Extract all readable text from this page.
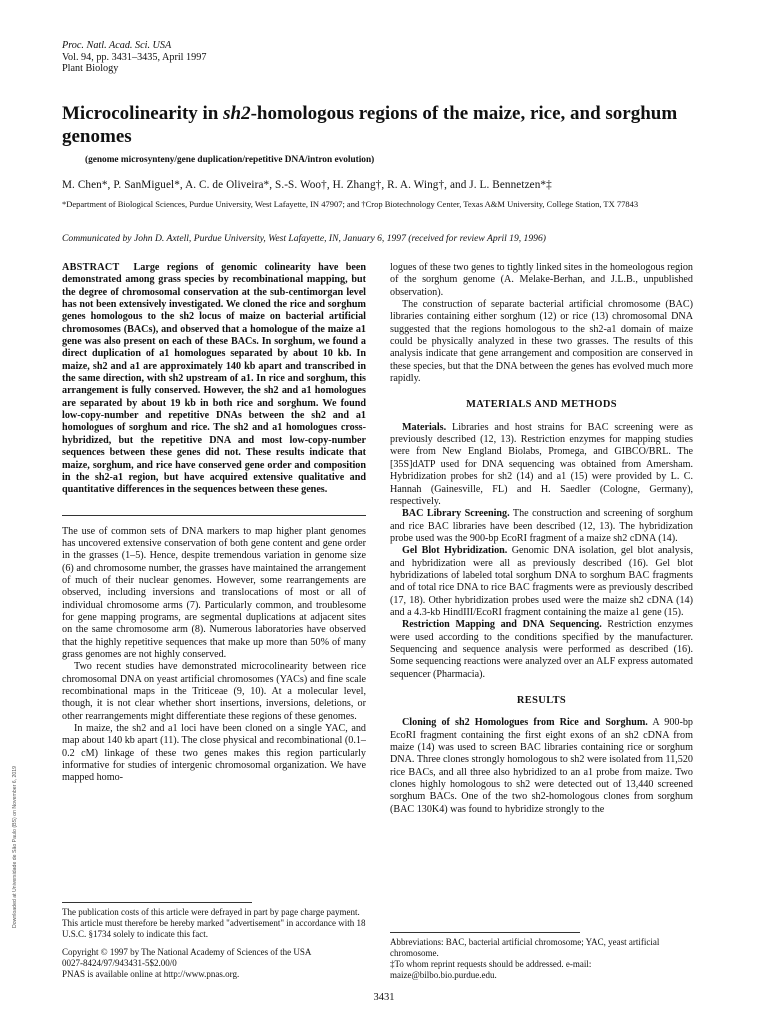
Proc. Natl. Acad. Sci. USA
Vol. 94, pp. 3431–3435, April 1997
Plant Biology
Microcolinearity in sh2-homologous regions of the maize, rice, and sorghum genomes
(genome microsynteny/gene duplication/repetitive DNA/intron evolution)
M. Chen*, P. SanMiguel*, A. C. de Oliveira*, S.-S. Woo†, H. Zhang†, R. A. Wing†, and J. L. Bennetzen*‡
*Department of Biological Sciences, Purdue University, West Lafayette, IN 47907; and †Crop Biotechnology Center, Texas A&M University, College Station, TX 77843
Communicated by John D. Axtell, Purdue University, West Lafayette, IN, January 6, 1997 (received for review April 19, 1996)

ABSTRACT Large regions of genomic colinearity have been demonstrated among grass species by recombinational mapping, but the degree of chromosomal conservation at the sub-centimorgan level has not been extensively investigated. We cloned the rice and sorghum genes homologous to the sh2 locus of maize on bacterial artificial chromosomes (BACs), and observed that a homologue of the maize a1 gene was also present on each of these BACs. In sorghum, we found a direct duplication of a1 homologues separated by about 10 kb. In maize, sh2 and a1 are approximately 140 kb apart and transcribed in the same direction, with sh2 upstream of a1. In rice and sorghum, this arrangement is fully conserved. However, the sh2 and a1 homologues are separated by about 19 kb in both rice and sorghum. We found low-copy-number and repetitive DNAs between the sh2 and a1 homologues of sorghum and rice. The sh2 and a1 homologues cross-hybridized, but the repetitive DNA and most low-copy-number sequences between these genes did not. These results indicate that maize, sorghum, and rice have conserved gene order and composition in the sh2-a1 region, but have acquired extensive qualitative and quantitative differences in the sequences between these genes.

The use of common sets of DNA markers to map higher plant genomes has uncovered extensive conservation of both gene content and gene order in the grasses (1–5). Hence, despite tremendous variation in genome size (6) and chromosome number, the grasses have maintained the arrangement of much of their nuclear genomes. However, some rearrangements are observed, including inversions and translocations of most or all of individual chromosome arms (7). Particularly common, and troublesome for gene mapping programs, are segmental duplications at adjacent sites on the same chromosome arm (8). Numerous laboratories have observed that the highly repetitive sequences that make up more than 50% of many grass genomes are not highly conserved.

Two recent studies have demonstrated microcolinearity between rice chromosomal DNA on yeast artificial chromosomes (YACs) and fine scale recombinational maps in the Triticeae (9, 10). At a molecular level, though, it is not clear whether short insertions, inversions, deletions, or other rearrangements might differentiate these regions of these genomes.

In maize, the sh2 and a1 loci have been cloned on a single YAC, and map about 140 kb apart (11). The close physical and recombinational (0.1–0.2 cM) linkage of these two genes makes this region particularly informative for studies of intergenic chromosomal organization. We have mapped homo-

logues of these two genes to tightly linked sites in the homeologous region of the sorghum genome (A. Melake-Berhan, and J.L.B., unpublished observation).

The construction of separate bacterial artificial chromosome (BAC) libraries containing either sorghum (12) or rice (13) chromosomal DNA suggested that the regions homologous to the sh2-a1 domain of maize could be physically analyzed in these two grasses. The results of this analysis indicate that gene arrangement and composition are conserved in these species, but that the DNA between the genes has evolved much more rapidly.

MATERIALS AND METHODS

Materials. Libraries and host strains for BAC screening were as previously described (12, 13). Restriction enzymes for mapping studies were from New England Biolabs, Promega, and GIBCO/BRL. The [35S]dATP used for DNA sequencing was obtained from Amersham. Hybridization probes for sh2 (14) and a1 (15) were provided by L. C. Hannah (Gainesville, FL) and H. Saedler (Cologne, Germany), respectively.

BAC Library Screening. The construction and screening of sorghum and rice BAC libraries have been described (12, 13). The hybridization probe used was the 900-bp EcoRI fragment of a maize sh2 cDNA (14).

Gel Blot Hybridization. Genomic DNA isolation, gel blot analysis, and hybridization were all as previously described (16). Gel blot hybridizations of labeled total sorghum DNA to sorghum BAC fragments and of total rice DNA to rice BAC fragments were as previously described (17, 18). Other hybridization probes used were the maize sh2 cDNA (14) and a 4.3-kb HindIII/EcoRI fragment containing the maize a1 gene (15).

Restriction Mapping and DNA Sequencing. Restriction enzymes were used according to the conditions specified by the manufacturer. Sequencing and sequence analysis were performed as described (16). Some sequencing reactions were analyzed over an ALF express automated sequencer (Pharmacia).

RESULTS

Cloning of sh2 Homologues from Rice and Sorghum. A 900-bp EcoRI fragment containing the first eight exons of an sh2 cDNA from maize (14) was used to screen BAC libraries containing rice or sorghum DNA. Three clones strongly homologous to sh2 were isolated from 11,520 rice BACs, and all three also hybridized to an a1 probe from maize. Two clones highly homologous to sh2 were detected out of 13,440 screened sorghum BACs. One of the two sh2-homologous clones from sorghum (BAC 130K4) was found to hybridize strongly to the

The publication costs of this article were defrayed in part by page charge payment. This article must therefore be hereby marked "advertisement" in accordance with 18 U.S.C. §1734 solely to indicate this fact.
Copyright © 1997 by The National Academy of Sciences of the USA
0027-8424/97/943431-5$2.00/0
PNAS is available online at http://www.pnas.org.
Abbreviations: BAC, bacterial artificial chromosome; YAC, yeast artificial chromosome.
‡To whom reprint requests should be addressed. e-mail: maize@bilbo.bio.purdue.edu.
3431
Downloaded at Universidade de São Paulo (BS) on November 6, 2019
